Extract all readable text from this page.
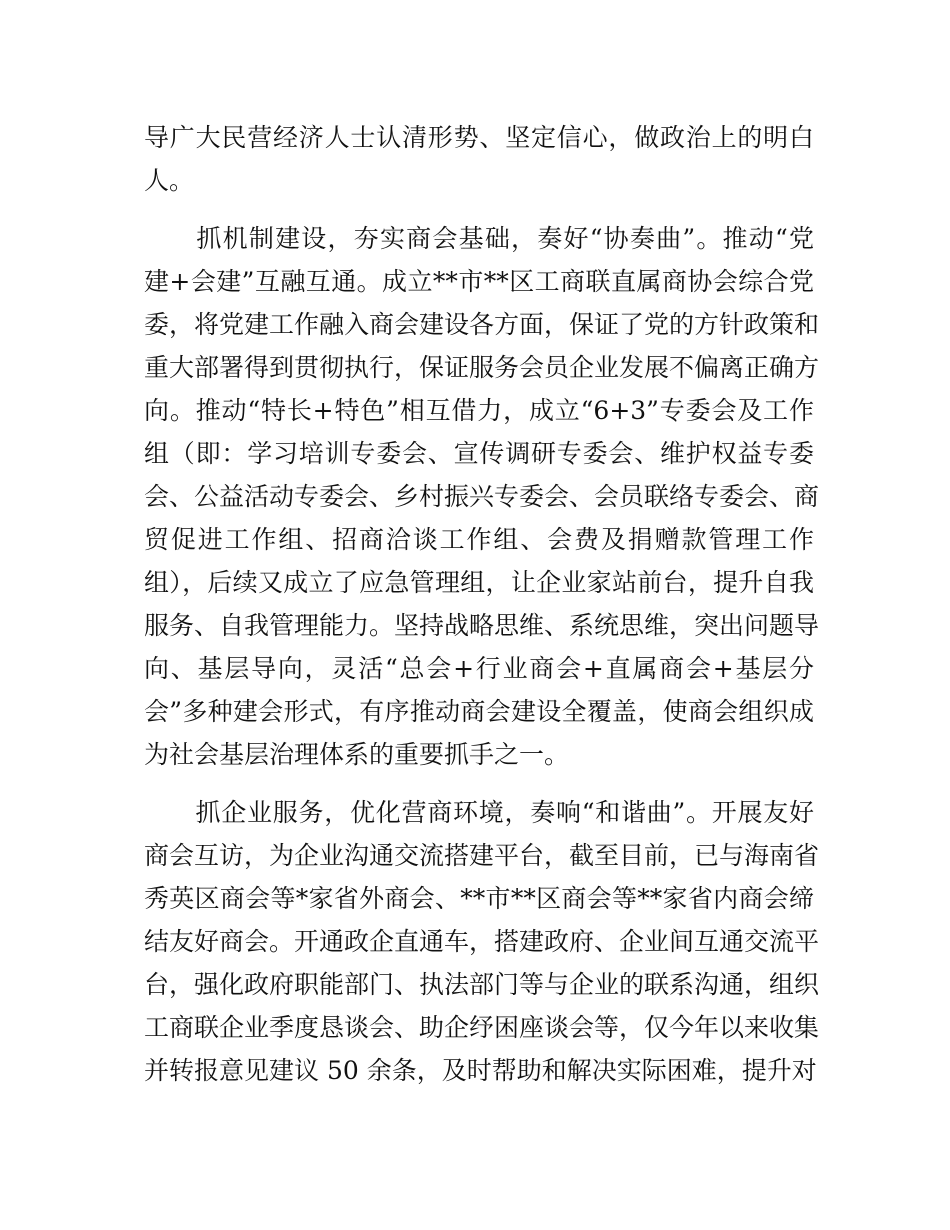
导广大民营经济人士认清形势、坚定信心，做政治上的明白
人。
　　抓机制建设，夯实商会基础，奏好“协奏曲”。推动“党
建+会建”互融互通。成立**市**区工商联直属商协会综合党
委，将党建工作融入商会建设各方面，保证了党的方针政策和
重大部署得到贯彻执行，保证服务会员企业发展不偏离正确方
向。推动“特长+特色”相互借力，成立“6+3”专委会及工作
组（即：学习培训专委会、宣传调研专委会、维护权益专委
会、公益活动专委会、乡村振兴专委会、会员联络专委会、商
贸促进工作组、招商洽谈工作组、会费及捐赠款管理工作
组），后续又成立了应急管理组，让企业家站前台，提升自我
服务、自我管理能力。坚持战略思维、系统思维，突出问题导
向、基层导向，灵活“总会+行业商会+直属商会+基层分
会”多种建会形式，有序推动商会建设全覆盖，使商会组织成
为社会基层治理体系的重要抓手之一。
　　抓企业服务，优化营商环境，奏响“和谐曲”。开展友好
商会互访，为企业沟通交流搭建平台，截至目前，已与海南省
秀英区商会等*家省外商会、**市**区商会等**家省内商会缔
结友好商会。开通政企直通车，搭建政府、企业间互通交流平
台，强化政府职能部门、执法部门等与企业的联系沟通，组织
工商联企业季度恳谈会、助企纾困座谈会等，仅今年以来收集
并转报意见建议 50 余条，及时帮助和解决实际困难，提升对
